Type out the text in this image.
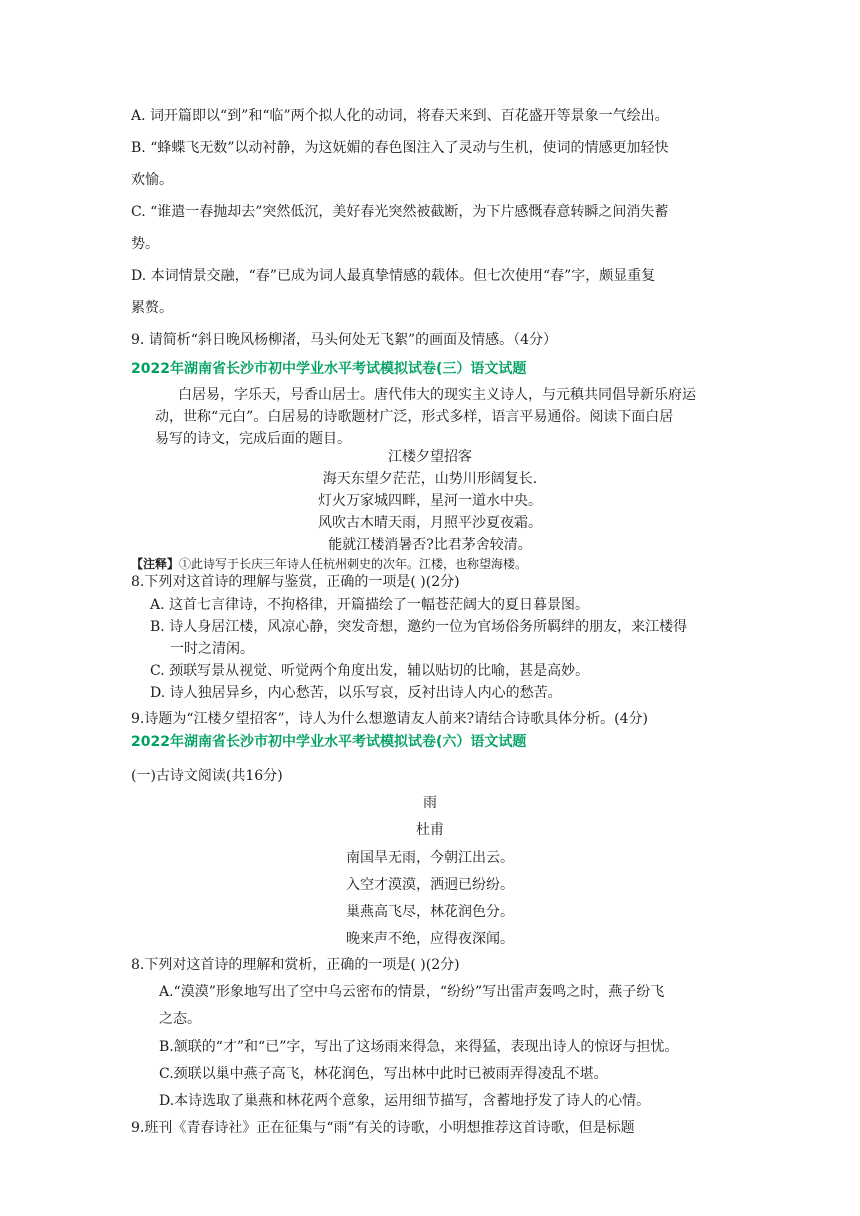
A. 词开篇即以“到”和“临”两个拟人化的动词，将春天来到、百花盛开等景象一气绘出。
B. “蜂蝶飞无数”以动衬静，为这妩媚的春色图注入了灵动与生机，使词的情感更加轻快
欢愉。
C. “谁遣一春抛却去”突然低沉，美好春光突然被截断，为下片感慨春意转瞬之间消失蓄
势。
D. 本词情景交融，“春”已成为词人最真挚情感的载体。但七次使用“春”字，颇显重复
累赘。
9. 请简析“斜日晚风杨柳渚，马头何处无飞絮”的画面及情感。（4分）
2022年湖南省长沙市初中学业水平考试模拟试卷(三）语文试题
白居易，字乐天，号香山居士。唐代伟大的现实主义诗人，与元稹共同倡导新乐府运
动，世称“元白”。白居易的诗歌题材广泛，形式多样，语言平易通俗。阅读下面白居
易写的诗文，完成后面的题目。
江楼夕望招客
海天东望夕茫茫，山势川形阔复长.
灯火万家城四畔，星河一道水中央。
风吹古木晴天雨，月照平沙夏夜霜。
能就江楼消暑否?比君茅舍较清。
【注释】①此诗写于长庆三年诗人任杭州刺史的次年。江楼，也称望海楼。
8.下列对这首诗的理解与鉴赏，正确的一项是( )(2分)
A. 这首七言律诗，不拘格律，开篇描绘了一幅苍茫阔大的夏日暮景图。
B. 诗人身居江楼，风凉心静，突发奇想，邀约一位为官场俗务所羁绊的朋友，来江楼得
一时之清闲。
C. 颈联写景从视觉、听觉两个角度出发，辅以贴切的比喻，甚是高妙。
D. 诗人独居异乡，内心愁苦，以乐写哀，反衬出诗人内心的愁苦。
9.诗题为“江楼夕望招客”，诗人为什么想邀请友人前来?请结合诗歌具体分析。(4分)
2022年湖南省长沙市初中学业水平考试模拟试卷(六）语文试题
(一)古诗文阅读(共16分)
雨
杜甫
南国旱无雨，今朝江出云。
入空才漠漠，洒迥已纷纷。
巢燕高飞尽，林花润色分。
晚来声不绝，应得夜深闻。
8.下列对这首诗的理解和赏析，正确的一项是( )(2分)
A.“漠漠”形象地写出了空中乌云密布的情景，“纷纷”写出雷声轰鸣之时，燕子纷飞
之态。
B.颔联的“才”和“已”字，写出了这场雨来得急，来得猛，表现出诗人的惊讶与担忧。
C.颈联以巢中燕子高飞，林花润色，写出林中此时已被雨弄得凌乱不堪。
D.本诗选取了巢燕和林花两个意象，运用细节描写，含蓄地抒发了诗人的心情。
9.班刊《青春诗社》正在征集与“雨”有关的诗歌，小明想推荐这首诗歌，但是标题
